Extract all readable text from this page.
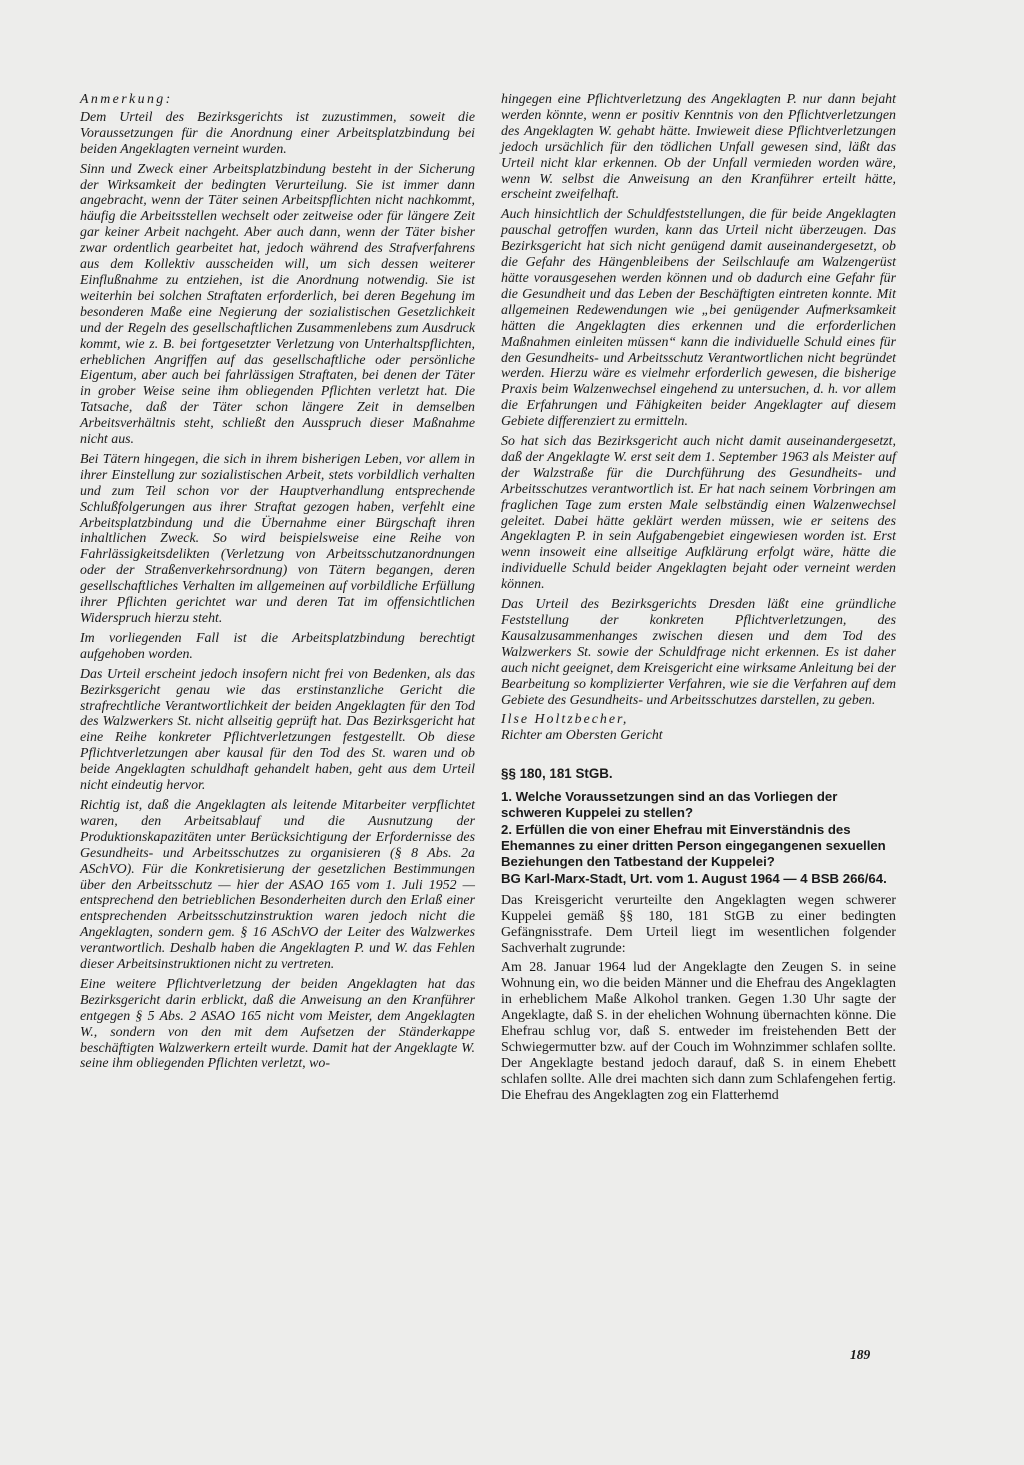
Anmerkung:

Dem Urteil des Bezirksgerichts ist zuzustimmen, soweit die Voraussetzungen für die Anordnung einer Arbeitsplatzbindung bei beiden Angeklagten verneint wurden.

Sinn und Zweck einer Arbeitsplatzbindung besteht in der Sicherung der Wirksamkeit der bedingten Verurteilung. Sie ist immer dann angebracht, wenn der Täter seinen Arbeitspflichten nicht nachkommt, häufig die Arbeitsstellen wechselt oder zeitweise oder für längere Zeit gar keiner Arbeit nachgeht. Aber auch dann, wenn der Täter bisher zwar ordentlich gearbeitet hat, jedoch während des Strafverfahrens aus dem Kollektiv ausscheiden will, um sich dessen weiterer Einflußnahme zu entziehen, ist die Anordnung notwendig. Sie ist weiterhin bei solchen Straftaten erforderlich, bei deren Begehung im besonderen Maße eine Negierung der sozialistischen Gesetzlichkeit und der Regeln des gesellschaftlichen Zusammenlebens zum Ausdruck kommt, wie z. B. bei fortgesetzter Verletzung von Unterhaltspflichten, erheblichen Angriffen auf das gesellschaftliche oder persönliche Eigentum, aber auch bei fahrlässigen Straftaten, bei denen der Täter in grober Weise seine ihm obliegenden Pflichten verletzt hat. Die Tatsache, daß der Täter schon längere Zeit in demselben Arbeitsverhältnis steht, schließt den Ausspruch dieser Maßnahme nicht aus.

Bei Tätern hingegen, die sich in ihrem bisherigen Leben, vor allem in ihrer Einstellung zur sozialistischen Arbeit, stets vorbildlich verhalten und zum Teil schon vor der Hauptverhandlung entsprechende Schlußfolgerungen aus ihrer Straftat gezogen haben, verfehlt eine Arbeitsplatzbindung und die Übernahme einer Bürgschaft ihren inhaltlichen Zweck. So wird beispielsweise eine Reihe von Fahrlässigkeitsdelikten (Verletzung von Arbeitsschutzanordnungen oder der Straßenverkehrsordnung) von Tätern begangen, deren gesellschaftliches Verhalten im allgemeinen auf vorbildliche Erfüllung ihrer Pflichten gerichtet war und deren Tat im offensichtlichen Widerspruch hierzu steht.

Im vorliegenden Fall ist die Arbeitsplatzbindung berechtigt aufgehoben worden.

Das Urteil erscheint jedoch insofern nicht frei von Bedenken, als das Bezirksgericht genau wie das erstinstanzliche Gericht die strafrechtliche Verantwortlichkeit der beiden Angeklagten für den Tod des Walzwerkers St. nicht allseitig geprüft hat. Das Bezirksgericht hat eine Reihe konkreter Pflichtverletzungen festgestellt. Ob diese Pflichtverletzungen aber kausal für den Tod des St. waren und ob beide Angeklagten schuldhaft gehandelt haben, geht aus dem Urteil nicht eindeutig hervor.

Richtig ist, daß die Angeklagten als leitende Mitarbeiter verpflichtet waren, den Arbeitsablauf und die Ausnutzung der Produktionskapazitäten unter Berücksichtigung der Erfordernisse des Gesundheits- und Arbeitsschutzes zu organisieren (§ 8 Abs. 2a ASchVO). Für die Konkretisierung der gesetzlichen Bestimmungen über den Arbeitsschutz — hier der ASAO 165 vom 1. Juli 1952 — entsprechend den betrieblichen Besonderheiten durch den Erlaß einer entsprechenden Arbeitsschutzinstruktion waren jedoch nicht die Angeklagten, sondern gem. § 16 ASchVO der Leiter des Walzwerkes verantwortlich. Deshalb haben die Angeklagten P. und W. das Fehlen dieser Arbeitsinstruktionen nicht zu vertreten.

Eine weitere Pflichtverletzung der beiden Angeklagten hat das Bezirksgericht darin erblickt, daß die Anweisung an den Kranführer entgegen § 5 Abs. 2 ASAO 165 nicht vom Meister, dem Angeklagten W., sondern von den mit dem Aufsetzen der Ständerkappe beschäftigten Walzwerkern erteilt wurde. Damit hat der Angeklagte W. seine ihm obliegenden Pflichten verletzt, wo-

hingegen eine Pflichtverletzung des Angeklagten P. nur dann bejaht werden könnte, wenn er positiv Kenntnis von den Pflichtverletzungen des Angeklagten W. gehabt hätte. Inwieweit diese Pflichtverletzungen jedoch ursächlich für den tödlichen Unfall gewesen sind, läßt das Urteil nicht klar erkennen. Ob der Unfall vermieden worden wäre, wenn W. selbst die Anweisung an den Kranführer erteilt hätte, erscheint zweifelhaft.

Auch hinsichtlich der Schuldfeststellungen, die für beide Angeklagten pauschal getroffen wurden, kann das Urteil nicht überzeugen. Das Bezirksgericht hat sich nicht genügend damit auseinandergesetzt, ob die Gefahr des Hängenbleibens der Seilschlaufe am Walzengerüst hätte vorausgesehen werden können und ob dadurch eine Gefahr für die Gesundheit und das Leben der Beschäftigten eintreten konnte. Mit allgemeinen Redewendungen wie „bei genügender Aufmerksamkeit hätten die Angeklagten dies erkennen und die erforderlichen Maßnahmen einleiten müssen“ kann die individuelle Schuld eines für den Gesundheits- und Arbeitsschutz Verantwortlichen nicht begründet werden. Hierzu wäre es vielmehr erforderlich gewesen, die bisherige Praxis beim Walzenwechsel eingehend zu untersuchen, d. h. vor allem die Erfahrungen und Fähigkeiten beider Angeklagter auf diesem Gebiete differenziert zu ermitteln.

So hat sich das Bezirksgericht auch nicht damit auseinandergesetzt, daß der Angeklagte W. erst seit dem 1. September 1963 als Meister auf der Walzstraße für die Durchführung des Gesundheits- und Arbeitsschutzes verantwortlich ist. Er hat nach seinem Vorbringen am fraglichen Tage zum ersten Male selbständig einen Walzenwechsel geleitet. Dabei hätte geklärt werden müssen, wie er seitens des Angeklagten P. in sein Aufgabengebiet eingewiesen worden ist. Erst wenn insoweit eine allseitige Aufklärung erfolgt wäre, hätte die individuelle Schuld beider Angeklagten bejaht oder verneint werden können.

Das Urteil des Bezirksgerichts Dresden läßt eine gründliche Feststellung der konkreten Pflichtverletzungen, des Kausalzusammenhanges zwischen diesen und dem Tod des Walzwerkers St. sowie der Schuldfrage nicht erkennen. Es ist daher auch nicht geeignet, dem Kreisgericht eine wirksame Anleitung bei der Bearbeitung so komplizierter Verfahren, wie sie die Verfahren auf dem Gebiete des Gesundheits- und Arbeitsschutzes darstellen, zu geben.

Ilse Holtzbecher,

Richter am Obersten Gericht

§§ 180, 181 StGB.

1. Welche Voraussetzungen sind an das Vorliegen der schweren Kuppelei zu stellen?

2. Erfüllen die von einer Ehefrau mit Einverständnis des Ehemannes zu einer dritten Person eingegangenen sexuellen Beziehungen den Tatbestand der Kuppelei?

BG Karl-Marx-Stadt, Urt. vom 1. August 1964 — 4 BSB 266/64.

Das Kreisgericht verurteilte den Angeklagten wegen schwerer Kuppelei gemäß §§ 180, 181 StGB zu einer bedingten Gefängnisstrafe. Dem Urteil liegt im wesentlichen folgender Sachverhalt zugrunde:

Am 28. Januar 1964 lud der Angeklagte den Zeugen S. in seine Wohnung ein, wo die beiden Männer und die Ehefrau des Angeklagten in erheblichem Maße Alkohol tranken. Gegen 1.30 Uhr sagte der Angeklagte, daß S. in der ehelichen Wohnung übernachten könne. Die Ehefrau schlug vor, daß S. entweder im freistehenden Bett der Schwiegermutter bzw. auf der Couch im Wohnzimmer schlafen sollte. Der Angeklagte bestand jedoch darauf, daß S. in einem Ehebett schlafen sollte. Alle drei machten sich dann zum Schlafengehen fertig. Die Ehefrau des Angeklagten zog ein Flatterhemd

189
